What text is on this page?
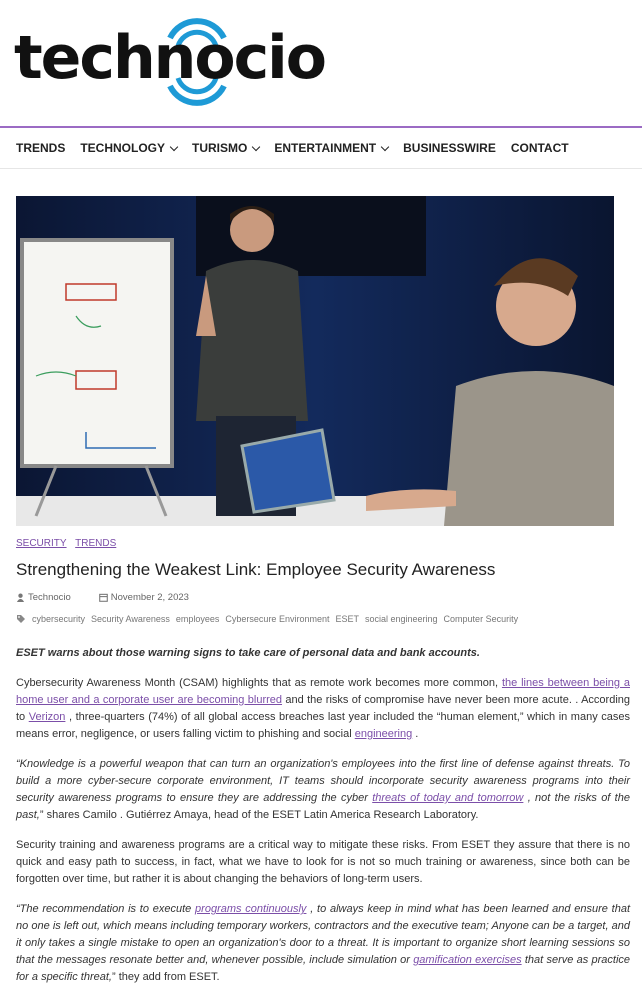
technocio
TRENDS TECHNOLOGY TURISMO ENTERTAINMENT BUSINESSWIRE CONTACT
SECURITY TRENDS
Strengthening the Weakest Link: Employee Security Awareness
Technocio	November 2, 2023
cybersecurity Security Awareness employees Cybersecure Environment ESET social engineering Computer Security

ESET warns about those warning signs to take care of personal data and bank accounts.

Cybersecurity Awareness Month (CSAM) highlights that as remote work becomes more common, the lines between being a home user and a corporate user are becoming blurred and the risks of compromise have never been more acute. . According to Verizon , three-quarters (74%) of all global access breaches last year included the “human element,” which in many cases means error, negligence, or users falling victim to phishing and social engineering .

“Knowledge is a powerful weapon that can turn an organization's employees into the first line of defense against threats. To build a more cyber-secure corporate environment, IT teams should incorporate security awareness programs into their security awareness programs to ensure they are addressing the cyber threats of today and tomorrow , not the risks of the past,” shares Camilo . Gutiérrez Amaya, head of the ESET Latin America Research Laboratory.

Security training and awareness programs are a critical way to mitigate these risks. From ESET they assure that there is no quick and easy path to success, in fact, what we have to look for is not so much training or awareness, since both can be forgotten over time, but rather it is about changing the behaviors of long-term users.

“The recommendation is to execute programs continuously , to always keep in mind what has been learned and ensure that no one is left out, which means including temporary workers, contractors and the executive team; Anyone can be a target, and it only takes a single mistake to open an organization's door to a threat. It is important to organize short learning sessions so that the messages resonate better and, whenever possible, include simulation or gamification exercises that serve as practice for a specific threat,” they add from ESET.
